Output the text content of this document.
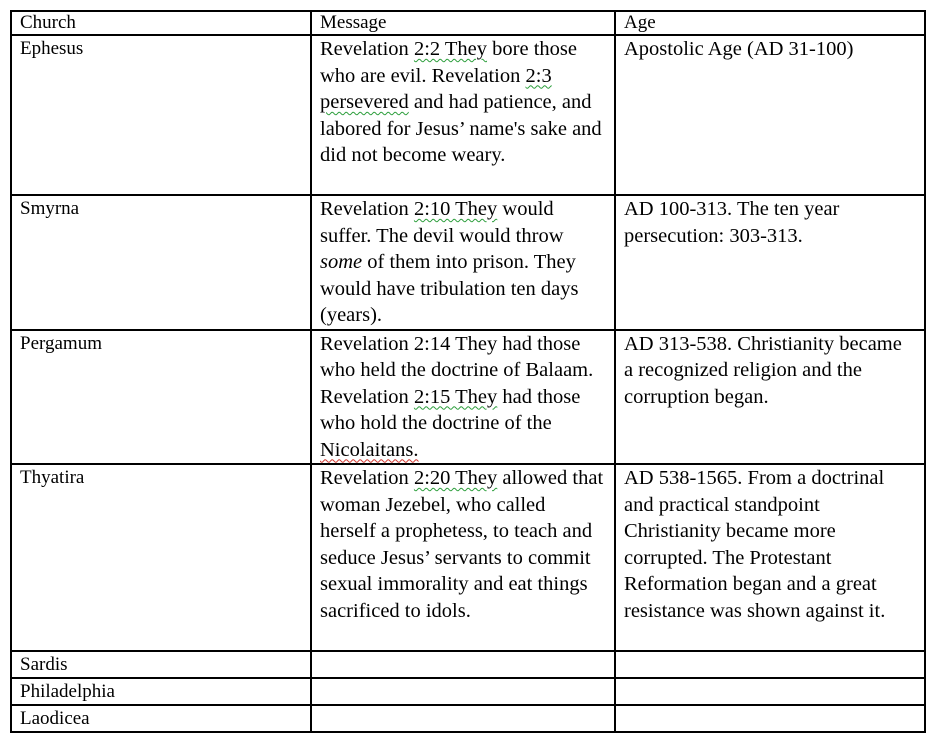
Church	Message	Age
Ephesus	Revelation 2:2 They bore those who are evil. Revelation 2:3 persevered and had patience, and labored for Jesus’ name's sake and did not become weary.	Apostolic Age (AD 31-100)
Smyrna	Revelation 2:10 They would suffer. The devil would throw some of them into prison. They would have tribulation ten days (years).	AD 100-313. The ten year persecution: 303-313.
Pergamum	Revelation 2:14 They had those who held the doctrine of Balaam. Revelation 2:15 They had those who hold the doctrine of the Nicolaitans.	AD 313-538. Christianity became a recognized religion and the corruption began.
Thyatira	Revelation 2:20 They allowed that woman Jezebel, who called herself a prophetess, to teach and seduce Jesus’ servants to commit sexual immorality and eat things sacrificed to idols.	AD 538-1565. From a doctrinal and practical standpoint Christianity became more corrupted. The Protestant Reformation began and a great resistance was shown against it.
Sardis		
Philadelphia		
Laodicea		
